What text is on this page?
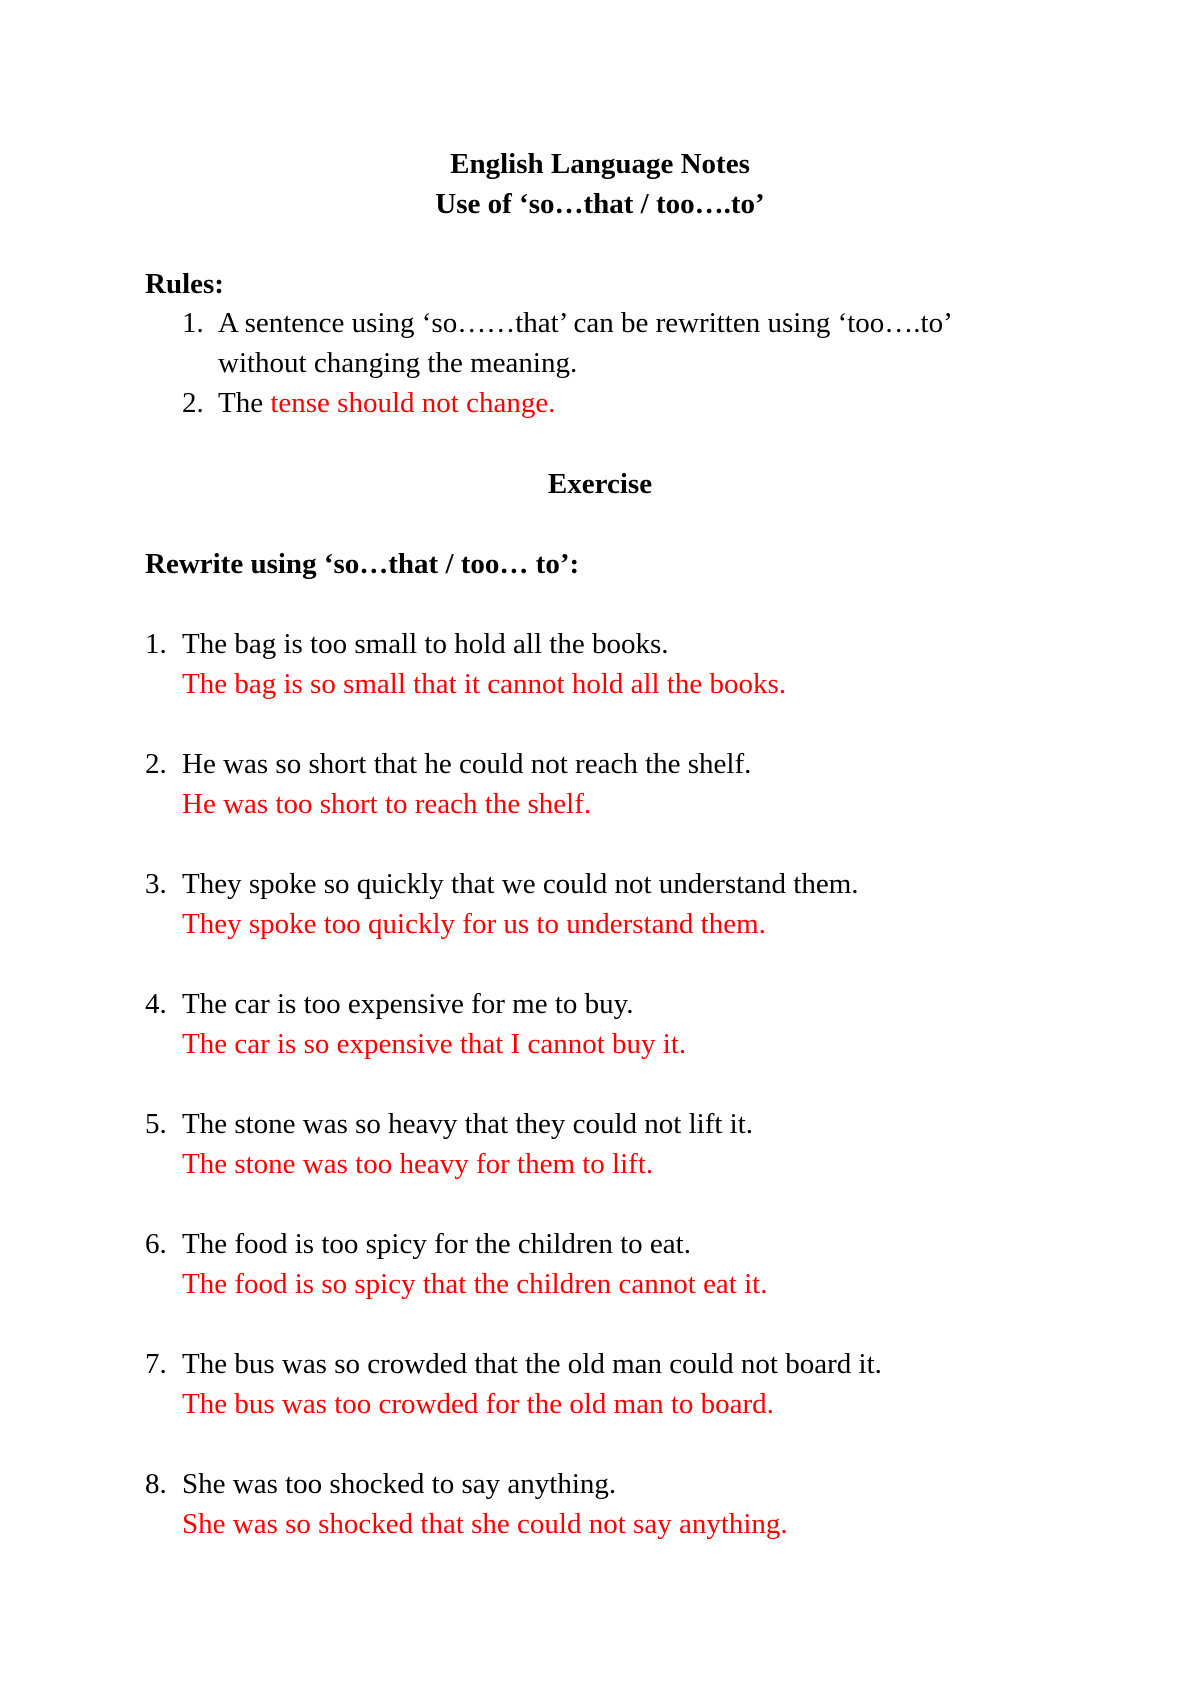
English Language Notes
Use of ‘so…that / too….to’
Rules:
1. A sentence using ‘so……that’ can be rewritten using ‘too….to’
without changing the meaning.
2. The tense should not change.
Exercise
Rewrite using ‘so…that / too… to’:
1. The bag is too small to hold all the books.
The bag is so small that it cannot hold all the books.
2. He was so short that he could not reach the shelf.
He was too short to reach the shelf.
3. They spoke so quickly that we could not understand them.
They spoke too quickly for us to understand them.
4. The car is too expensive for me to buy.
The car is so expensive that I cannot buy it.
5. The stone was so heavy that they could not lift it.
The stone was too heavy for them to lift.
6. The food is too spicy for the children to eat.
The food is so spicy that the children cannot eat it.
7. The bus was so crowded that the old man could not board it.
The bus was too crowded for the old man to board.
8. She was too shocked to say anything.
She was so shocked that she could not say anything.
